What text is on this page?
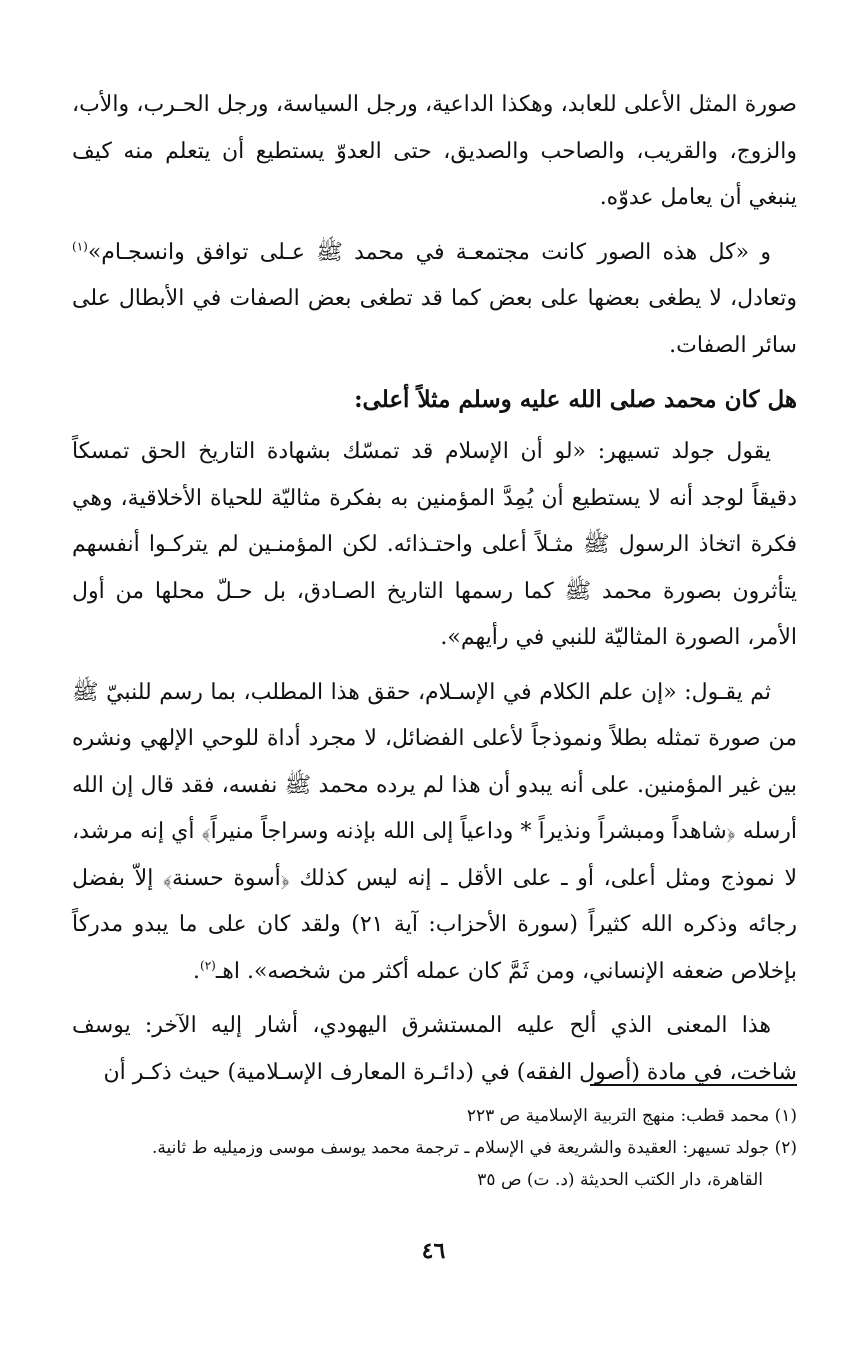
صورة المثل الأعلى للعابد، وهكذا الداعية، ورجل السياسة، ورجل الحـرب، والأب، والزوج، والقريب، والصاحب والصديق، حتى العدوّ يستطيع أن يتعلم منه كيف ينبغي أن يعامل عدوّه.

و «كل هذه الصور كانت مجتمعـة في محمد ﷺ عـلى توافق وانسجـام»$^{(١)}$ وتعادل، لا يطغى بعضها على بعض كما قد تطغى بعض الصفات في الأبطال على سائر الصفات.

هل كان محمد صلى الله عليه وسلم مثلاً أعلى:

يقول جولد تسيهر: «لو أن الإسلام قد تمسّك بشهادة التاريخ الحق تمسكاً دقيقاً لوجد أنه لا يستطيع أن يُمِدَّ المؤمنين به بفكرة مثاليّة للحياة الأخلاقية، وهي فكرة اتخاذ الرسول ﷺ مثـلاً أعلى واحتـذائه. لكن المؤمنـين لم يتركـوا أنفسهم يتأثرون بصورة محمد ﷺ كما رسمها التاريخ الصـادق، بل حـلّ محلها من أول الأمر، الصورة المثاليّة للنبي في رأيهم».

ثم يقـول: «إن علم الكلام في الإسـلام، حقق هذا المطلب، بما رسم للنبيّ ﷺ من صورة تمثله بطلاً ونموذجاً لأعلى الفضائل، لا مجرد أداة للوحي الإلهي ونشره بين غير المؤمنين. على أنه يبدو أن هذا لم يرده محمد ﷺ نفسه، فقد قال إن الله أرسله ﴿شاهداً ومبشراً ونذيراً * وداعياً إلى الله بإذنه وسراجاً منيراً﴾ أي إنه مرشد، لا نموذج ومثل أعلى، أو ـ على الأقل ـ إنه ليس كذلك ﴿أسوة حسنة﴾ إلاّ بفضل رجائه وذكره الله كثيراً (سورة الأحزاب: آية ٢١) ولقد كان على ما يبدو مدركاً بإخلاص ضعفه الإنساني، ومن ثَمَّ كان عمله أكثر من شخصه». اهـ$^{(٢)}$.

هذا المعنى الذي ألح عليه المستشرق اليهودي، أشار إليه الآخر: يوسف شاخت، في مادة (أصول الفقه) في (دائـرة المعارف الإسـلامية) حيث ذكـر أن

(١) محمد قطب: منهج التربية الإسلامية ص ٢٢٣

(٢) جولد تسيهر: العقيدة والشريعة في الإسلام ـ ترجمة محمد يوسف موسى وزميليه ط ثانية.
القاهرة، دار الكتب الحديثة (د. ت) ص ٣٥

٤٦
